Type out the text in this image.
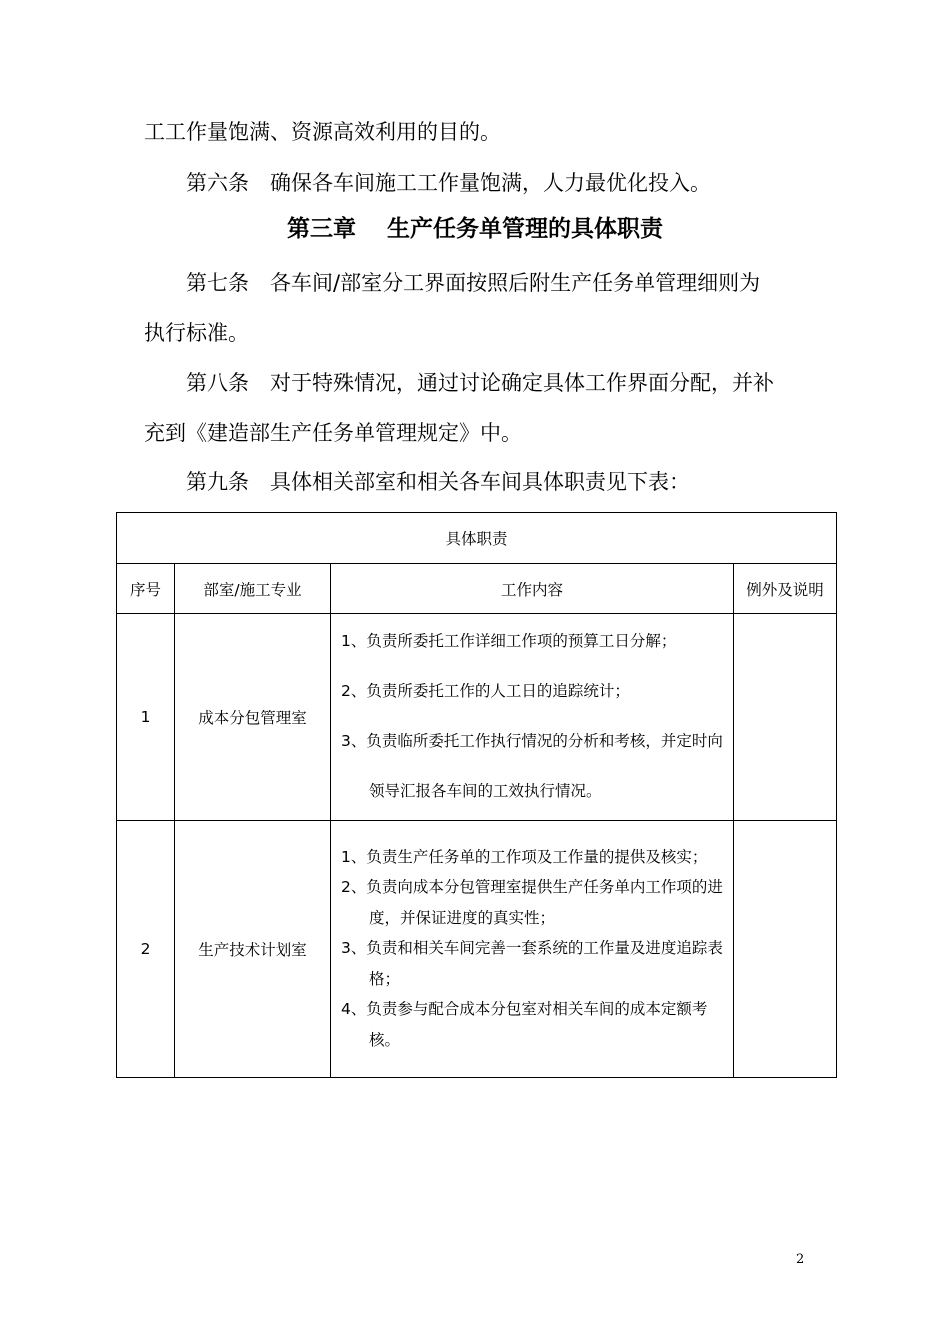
工工作量饱满、资源高效利用的目的。
第六条　确保各车间施工工作量饱满，人力最优化投入。
第三章　 生产任务单管理的具体职责
第七条　各车间/部室分工界面按照后附生产任务单管理细则为
执行标准。
第八条　对于特殊情况，通过讨论确定具体工作界面分配，并补
充到《建造部生产任务单管理规定》中。
第九条　具体相关部室和相关各车间具体职责见下表：
具体职责			
序号	部室/施工专业	工作内容	例外及说明
1	成本分包管理室	1、负责所委托工作详细工作项的预算工日分解；
2、负责所委托工作的人工日的追踪统计；
3、负责临所委托工作执行情况的分析和考核，并定时向领导汇报各车间的工效执行情况。	

2	生产技术计划室	1、负责生产任务单的工作项及工作量的提供及核实；
2、负责向成本分包管理室提供生产任务单内工作项的进度，并保证进度的真实性；
3、负责和相关车间完善一套系统的工作量及进度追踪表格；
4、负责参与配合成本分包室对相关车间的成本定额考核。	

2
